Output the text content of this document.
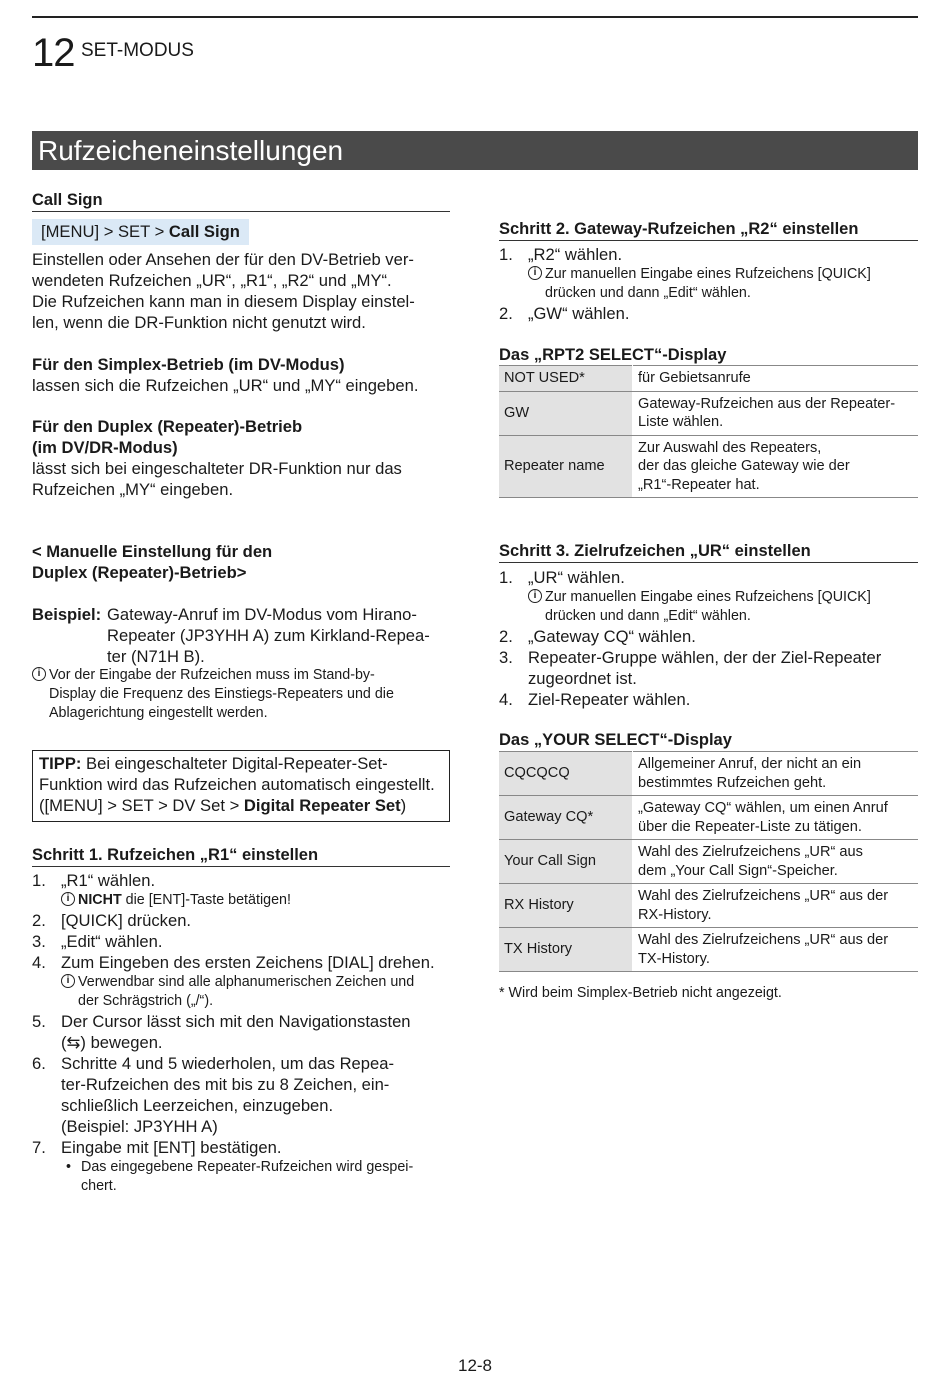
12 SET-MODUS
Rufzeicheneinstellungen
Call Sign
[MENU] > SET > Call Sign
Einstellen oder Ansehen der für den DV-Betrieb ver-
wendeten Rufzeichen „UR“, „R1“, „R2“ und „MY“.
Die Rufzeichen kann man in diesem Display einstel-
len, wenn die DR-Funktion nicht genutzt wird.
Für den Simplex-Betrieb (im DV-Modus)
lassen sich die Rufzeichen „UR“ und „MY“ eingeben.
Für den Duplex (Repeater)-Betrieb
(im DV/DR-Modus)
lässt sich bei eingeschalteter DR-Funktion nur das
Rufzeichen „MY“ eingeben.
< Manuelle Einstellung für den
Duplex (Repeater)-Betrieb>
Beispiel: Gateway-Anruf im DV-Modus vom Hirano-
Repeater (JP3YHH A) zum Kirkland-Repea-
ter (N71H B).
i Vor der Eingabe der Rufzeichen muss im Stand-by-
Display die Frequenz des Einstiegs-Repeaters und die
Ablagerichtung eingestellt werden.
TIPP: Bei eingeschalteter Digital-Repeater-Set-
Funktion wird das Rufzeichen automatisch eingestellt.
([MENU] > SET > DV Set > Digital Repeater Set)
Schritt 1. Rufzeichen „R1“ einstellen
1. „R1“ wählen.
i NICHT die [ENT]-Taste betätigen!
2. [QUICK] drücken.
3. „Edit“ wählen.
4. Zum Eingeben des ersten Zeichens [DIAL] drehen.
i Verwendbar sind alle alphanumerischen Zeichen und
der Schrägstrich („/“).
5. Der Cursor lässt sich mit den Navigationstasten
(⇆) bewegen.
6. Schritte 4 und 5 wiederholen, um das Repea-
ter-Rufzeichen des mit bis zu 8 Zeichen, ein-
schließlich Leerzeichen, einzugeben.
(Beispiel: JP3YHH A)
7. Eingabe mit [ENT] bestätigen.
• Das eingegebene Repeater-Rufzeichen wird gespei-
chert.
Schritt 2. Gateway-Rufzeichen „R2“ einstellen
1. „R2“ wählen.
i Zur manuellen Eingabe eines Rufzeichens [QUICK]
drücken und dann „Edit“ wählen.
2. „GW“ wählen.
Das „RPT2 SELECT“-Display
NOT USED*	für Gebietsanrufe

GW	Gateway-Rufzeichen aus der Repeater-
Liste wählen.

Repeater name	Zur Auswahl des Repeaters,
der das gleiche Gateway wie der
„R1“-Repeater hat.
Schritt 3. Zielrufzeichen „UR“ einstellen
1. „UR“ wählen.
i Zur manuellen Eingabe eines Rufzeichens [QUICK]
drücken und dann „Edit“ wählen.
2. „Gateway CQ“ wählen.
3. Repeater-Gruppe wählen, der der Ziel-Repeater
zugeordnet ist.
4. Ziel-Repeater wählen.
Das „YOUR SELECT“-Display
CQCQCQ	Allgemeiner Anruf, der nicht an ein
bestimmtes Rufzeichen geht.

Gateway CQ*	„Gateway CQ“ wählen, um einen Anruf
über die Repeater-Liste zu tätigen.

Your Call Sign	Wahl des Zielrufzeichens „UR“ aus
dem „Your Call Sign“-Speicher.

RX History	Wahl des Zielrufzeichens „UR“ aus der
RX-History.

TX History	Wahl des Zielrufzeichens „UR“ aus der
TX-History.
* Wird beim Simplex-Betrieb nicht angezeigt.
12-8
